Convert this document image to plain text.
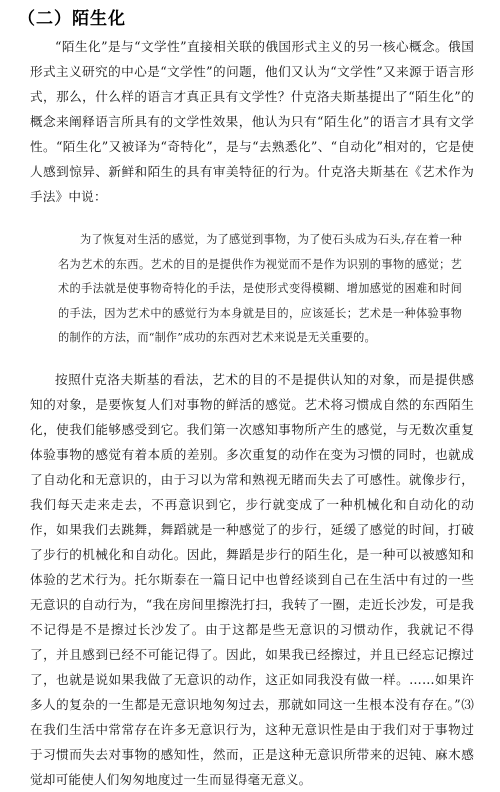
（二）陌生化
“陌生化”是与“文学性”直接相关联的俄国形式主义的另一核心概念。俄国形式主义研究的中心是“文学性”的问题，他们又认为“文学性”又来源于语言形式，那么，什么样的语言才真正具有文学性？什克洛夫斯基提出了“陌生化”的概念来阐释语言所具有的文学性效果，他认为只有“陌生化”的语言才具有文学性。“陌生化”又被译为“奇特化”，是与“去熟悉化”、“自动化”相对的，它是使人感到惊异、新鲜和陌生的具有审美特征的行为。什克洛夫斯基在《艺术作为手法》中说：
为了恢复对生活的感觉，为了感觉到事物，为了使石头成为石头,存在着一种名为艺术的东西。艺术的目的是提供作为视觉而不是作为识别的事物的感觉；艺术的手法就是使事物奇特化的手法，是使形式变得模糊、增加感觉的困难和时间的手法，因为艺术中的感觉行为本身就是目的，应该延长；艺术是一种体验事物的制作的方法，而“制作”成功的东西对艺术来说是无关重要的。
按照什克洛夫斯基的看法，艺术的目的不是提供认知的对象，而是提供感知的对象，是要恢复人们对事物的鲜活的感觉。艺术将习惯成自然的东西陌生化，使我们能够感受到它。我们第一次感知事物所产生的感觉，与无数次重复体验事物的感觉有着本质的差别。多次重复的动作在变为习惯的同时，也就成了自动化和无意识的，由于习以为常和熟视无睹而失去了可感性。就像步行，我们每天走来走去，不再意识到它，步行就变成了一种机械化和自动化的动作，如果我们去跳舞，舞蹈就是一种感觉了的步行，延缓了感觉的时间，打破了步行的机械化和自动化。因此，舞蹈是步行的陌生化，是一种可以被感知和体验的艺术行为。托尔斯泰在一篇日记中也曾经谈到自己在生活中有过的一些无意识的自动行为，“我在房间里擦洗打扫，我转了一圈，走近长沙发，可是我不记得是不是擦过长沙发了。由于这都是些无意识的习惯动作，我就记不得了，并且感到已经不可能记得了。因此，如果我已经擦过，并且已经忘记擦过了，也就是说如果我做了无意识的动作，这正如同我没有做一样。……如果许多人的复杂的一生都是无意识地匆匆过去，那就如同这一生根本没有存在。”⑶在我们生活中常常存在许多无意识行为，这种无意识性是由于我们对于事物过于习惯而失去对事物的感知性，然而，正是这种无意识所带来的迟钝、麻木感觉却可能使人们匆匆地度过一生而显得毫无意义。
